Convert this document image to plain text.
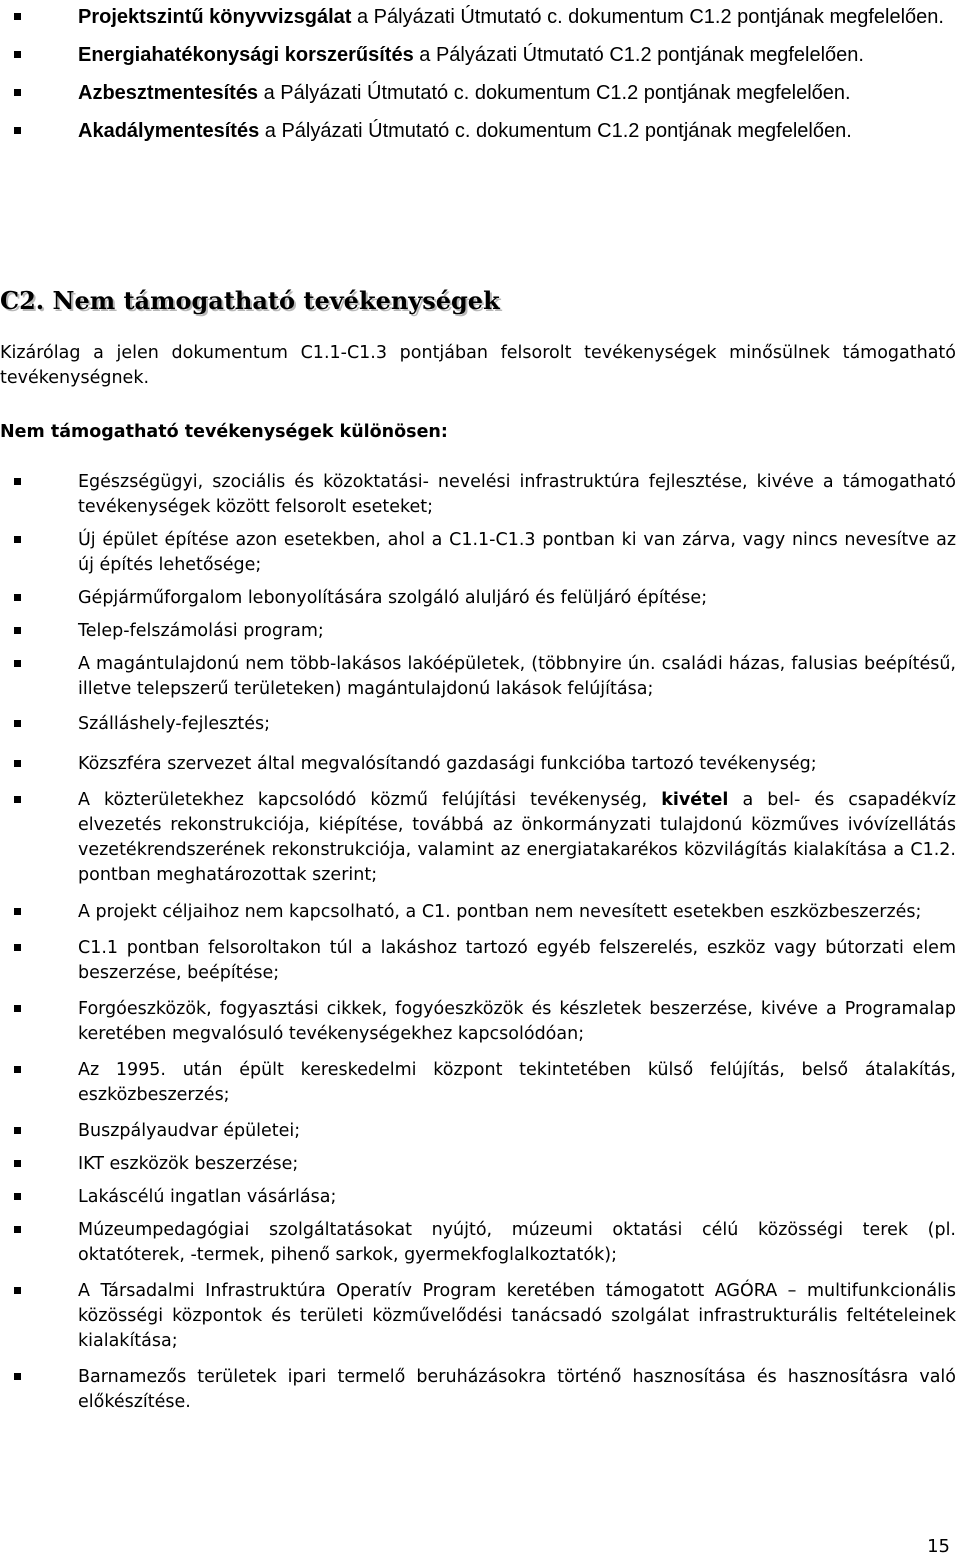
Projektszintű könyvvizsgálat a Pályázati Útmutató c. dokumentum C1.2 pontjának megfelelően.
Energiahatékonysági korszerűsítés a Pályázati Útmutató C1.2 pontjának megfelelően.
Azbesztmentesítés a Pályázati Útmutató c. dokumentum C1.2 pontjának megfelelően.
Akadálymentesítés a Pályázati Útmutató c. dokumentum C1.2 pontjának megfelelően.
C2. Nem támogatható tevékenységek

Kizárólag a jelen dokumentum C1.1-C1.3 pontjában felsorolt tevékenységek minősülnek támogatható tevékenységnek.

Nem támogatható tevékenységek különösen:

Egészségügyi, szociális és közoktatási- nevelési infrastruktúra fejlesztése, kivéve a támogatható tevékenységek között felsorolt eseteket;
Új épület építése azon esetekben, ahol a C1.1-C1.3 pontban ki van zárva, vagy nincs nevesítve az új építés lehetősége;
Gépjárműforgalom lebonyolítására szolgáló aluljáró és felüljáró építése;
Telep-felszámolási program;
A magántulajdonú nem több-lakásos lakóépületek, (többnyire ún. családi házas, falusias beépítésű, illetve telepszerű területeken) magántulajdonú lakások felújítása;
Szálláshely-fejlesztés;
Közszféra szervezet által megvalósítandó gazdasági funkcióba tartozó tevékenység;
A közterületekhez kapcsolódó közmű felújítási tevékenység, kivétel a bel- és csapadékvíz elvezetés rekonstrukciója, kiépítése, továbbá az önkormányzati tulajdonú közműves ivóvízellátás vezetékrendszerének rekonstrukciója, valamint az energiatakarékos közvilágítás kialakítása a C1.2. pontban meghatározottak szerint;
A projekt céljaihoz nem kapcsolható, a C1. pontban nem nevesített esetekben eszközbeszerzés;
C1.1 pontban felsoroltakon túl a lakáshoz tartozó egyéb felszerelés, eszköz vagy bútorzati elem beszerzése, beépítése;
Forgóeszközök, fogyasztási cikkek, fogyóeszközök és készletek beszerzése, kivéve a Programalap keretében megvalósuló tevékenységekhez kapcsolódóan;
Az 1995. után épült kereskedelmi központ tekintetében külső felújítás, belső átalakítás, eszközbeszerzés;
Buszpályaudvar épületei;
IKT eszközök beszerzése;
Lakáscélú ingatlan vásárlása;
Múzeumpedagógiai szolgáltatásokat nyújtó, múzeumi oktatási célú közösségi terek (pl. oktatóterek, -termek, pihenő sarkok, gyermekfoglalkoztatók);
A Társadalmi Infrastruktúra Operatív Program keretében támogatott AGÓRA – multifunkcionális közösségi központok és területi közművelődési tanácsadó szolgálat infrastrukturális feltételeinek kialakítása;
Barnamezős területek ipari termelő beruházásokra történő hasznosítása és hasznosításra való előkészítése.
15
